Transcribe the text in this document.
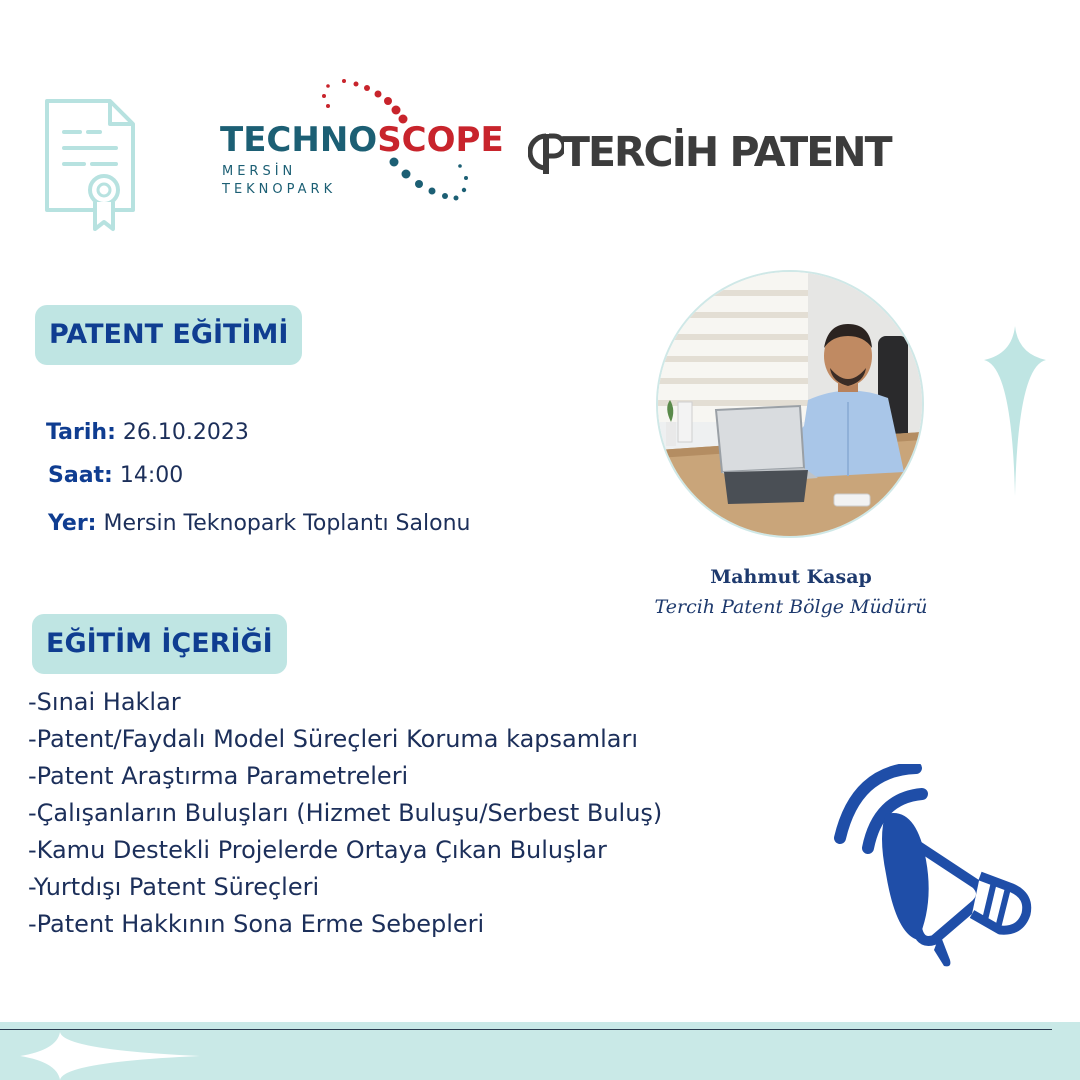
TECHNOSCOPE
MERSİN
TEKNOPARK
TERCİH PATENT
PATENT EĞİTİMİ
Tarih: 26.10.2023
Saat: 14:00
Yer: Mersin Teknopark Toplantı Salonu
EĞİTİM İÇERİĞİ
-Sınai Haklar
-Patent/Faydalı Model Süreçleri Koruma kapsamları
-Patent Araştırma Parametreleri
-Çalışanların Buluşları (Hizmet Buluşu/Serbest Buluş)
-Kamu Destekli Projelerde Ortaya Çıkan Buluşlar
-Yurtdışı Patent Süreçleri
-Patent Hakkının Sona Erme Sebepleri
Mahmut Kasap
Tercih Patent Bölge Müdürü
